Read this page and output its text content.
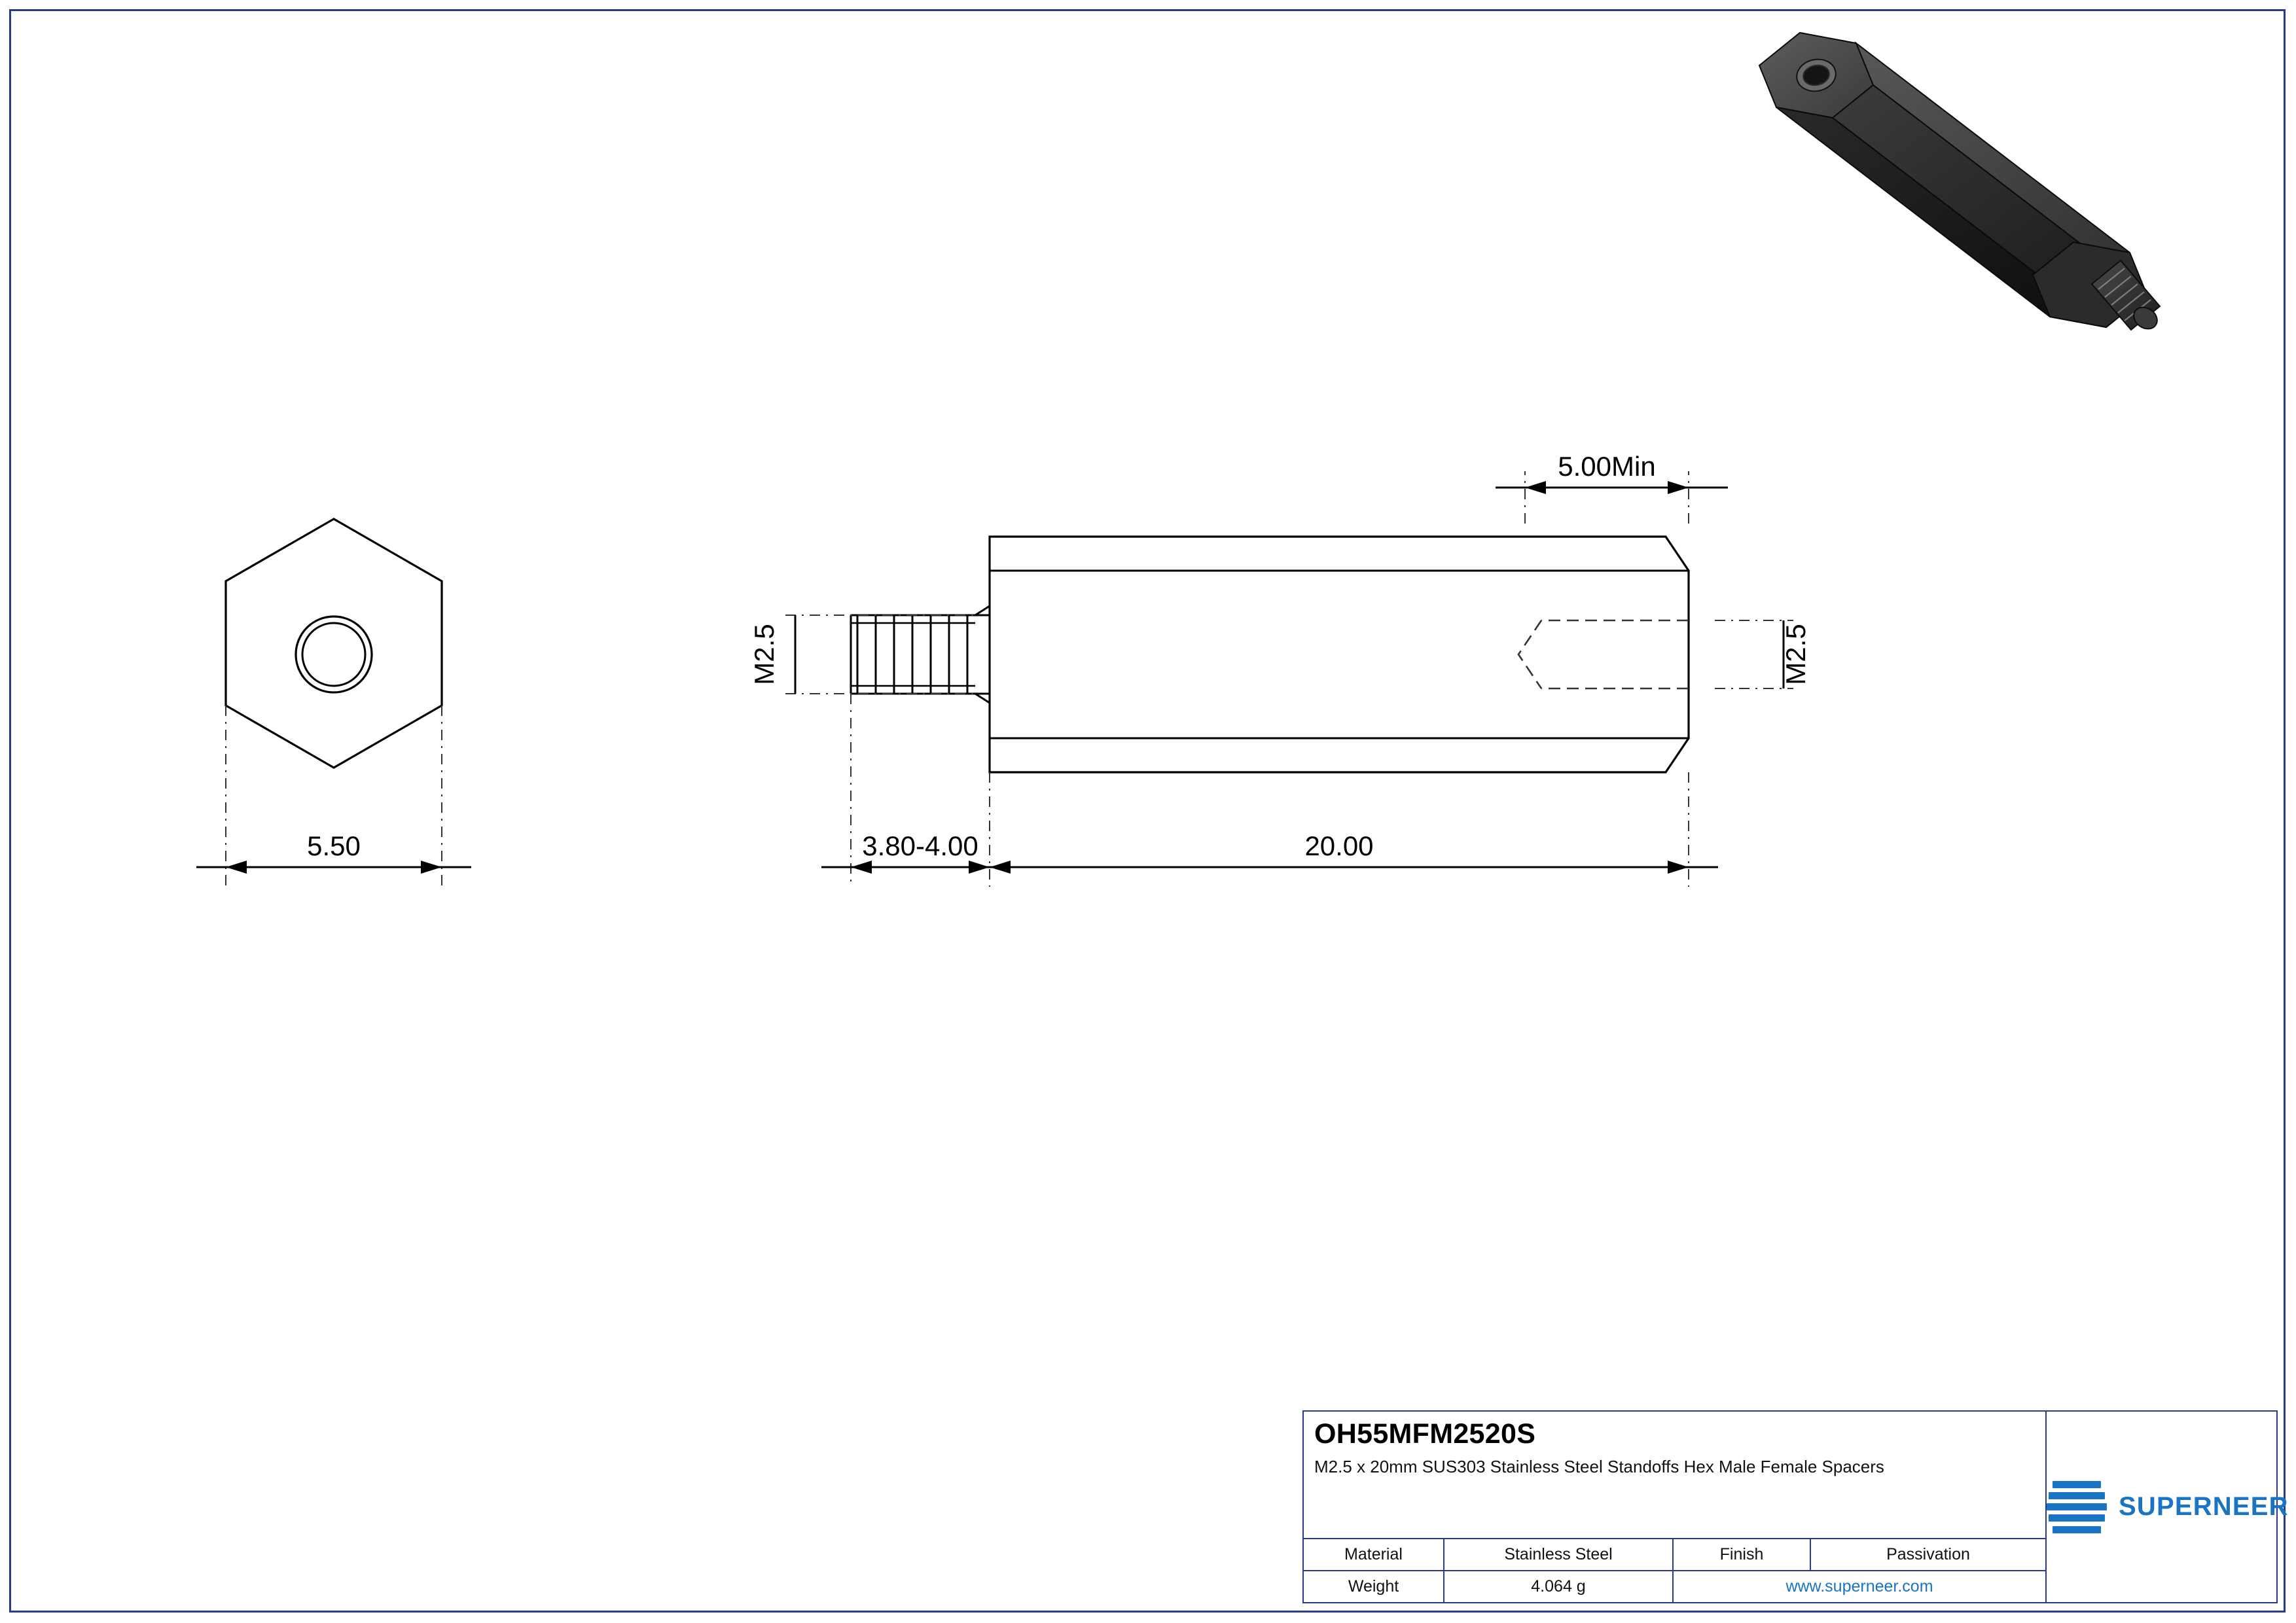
5.50	3.80-4.00	20.00
5.00Min
M2.5	M2.5
OH55MFM2520S
M2.5 x 20mm SUS303 Stainless Steel Standoffs Hex Male Female Spacers
Material	Stainless Steel	Finish	Passivation
Weight	4.064 g	www.superneer.com
SUPERNEER
